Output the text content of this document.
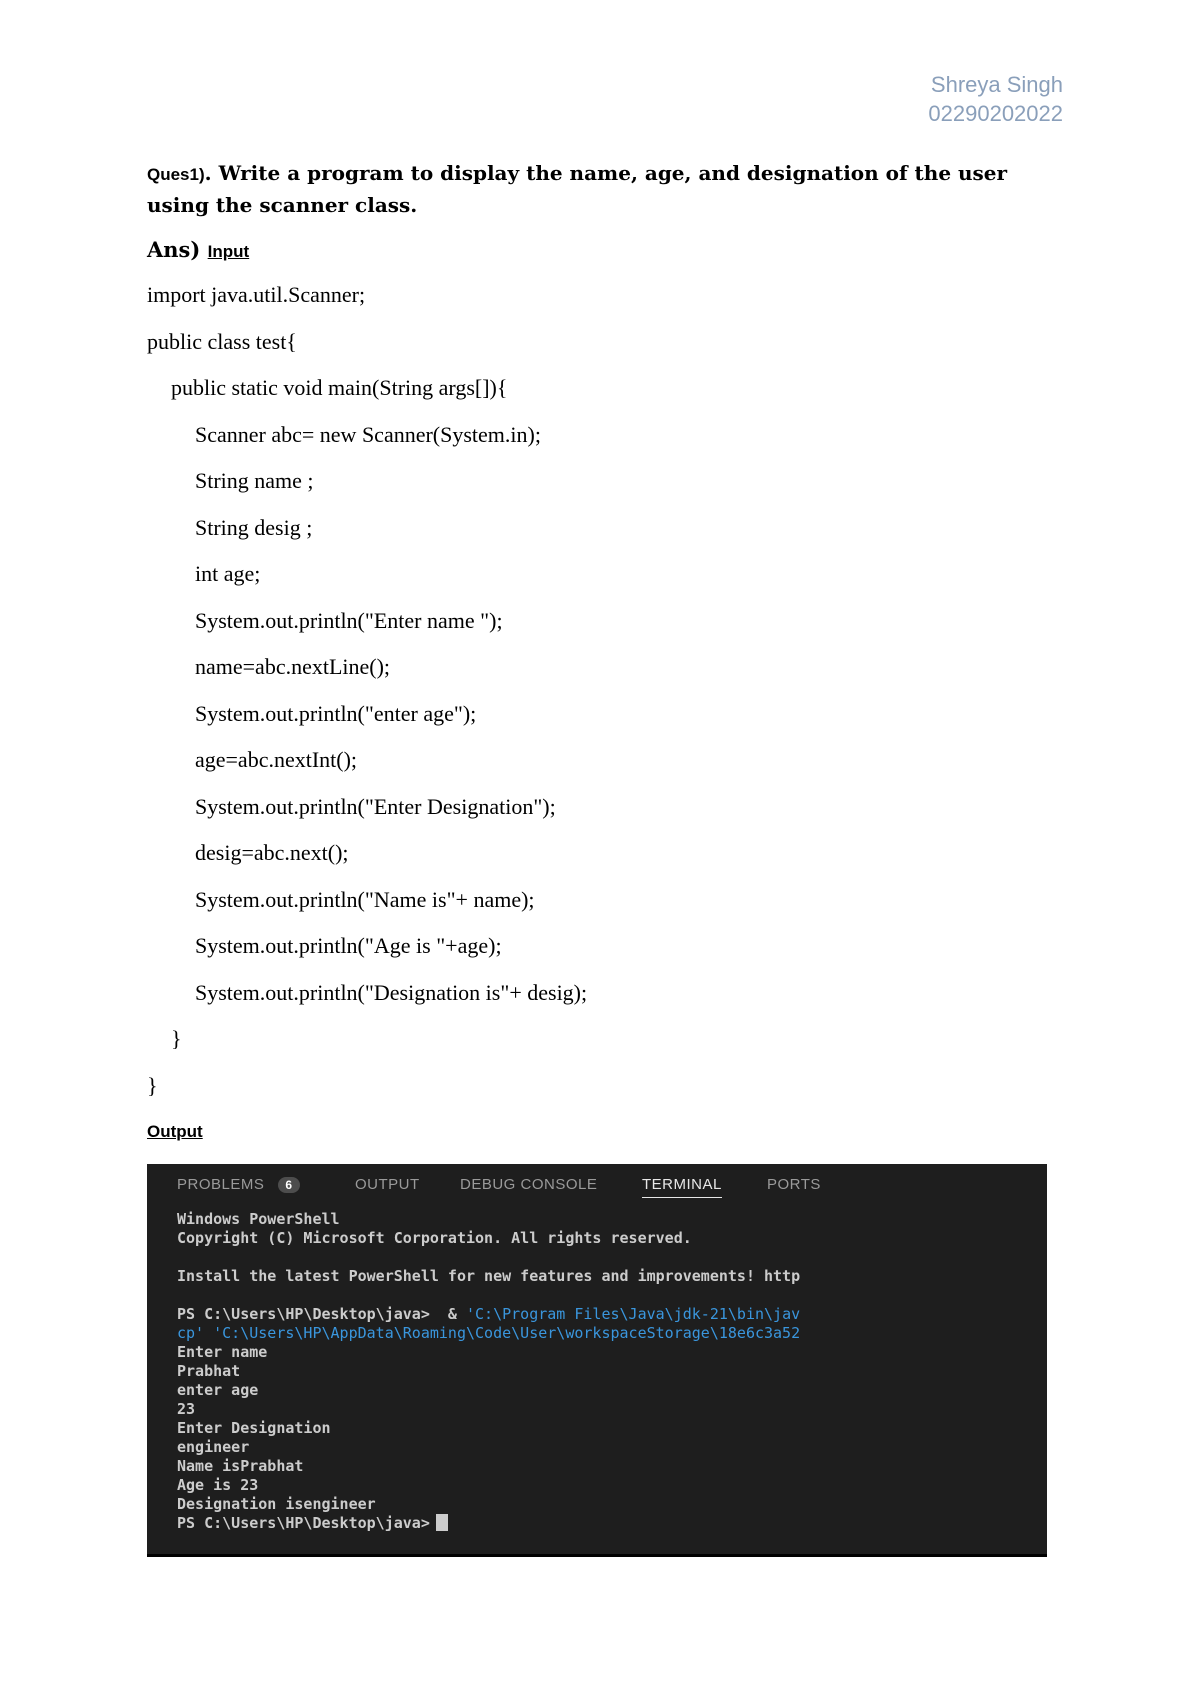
Shreya Singh
02290202022
Ques1). Write a program to display the name, age, and designation of the user using the scanner class.
Ans) Input
import java.util.Scanner;
public class test{
public static void main(String args[]){
Scanner abc= new Scanner(System.in);
String name ;
String desig ;
int age;
System.out.println("Enter name ");
name=abc.nextLine();
System.out.println("enter age");
age=abc.nextInt();
System.out.println("Enter Designation");
desig=abc.next();
System.out.println("Name is"+ name);
System.out.println("Age is "+age);
System.out.println("Designation is"+ desig);
}
}
Output
PROBLEMS 6	OUTPUT	DEBUG CONSOLE	TERMINAL	PORTS
Windows PowerShell
Copyright (C) Microsoft Corporation. All rights reserved.
Install the latest PowerShell for new features and improvements! http
PS C:\Users\HP\Desktop\java>  & 'C:\Program Files\Java\jdk-21\bin\jav
cp' 'C:\Users\HP\AppData\Roaming\Code\User\workspaceStorage\18e6c3a52
Enter name
Prabhat
enter age
23
Enter Designation
engineer
Name isPrabhat
Age is 23
Designation isengineer
PS C:\Users\HP\Desktop\java>
